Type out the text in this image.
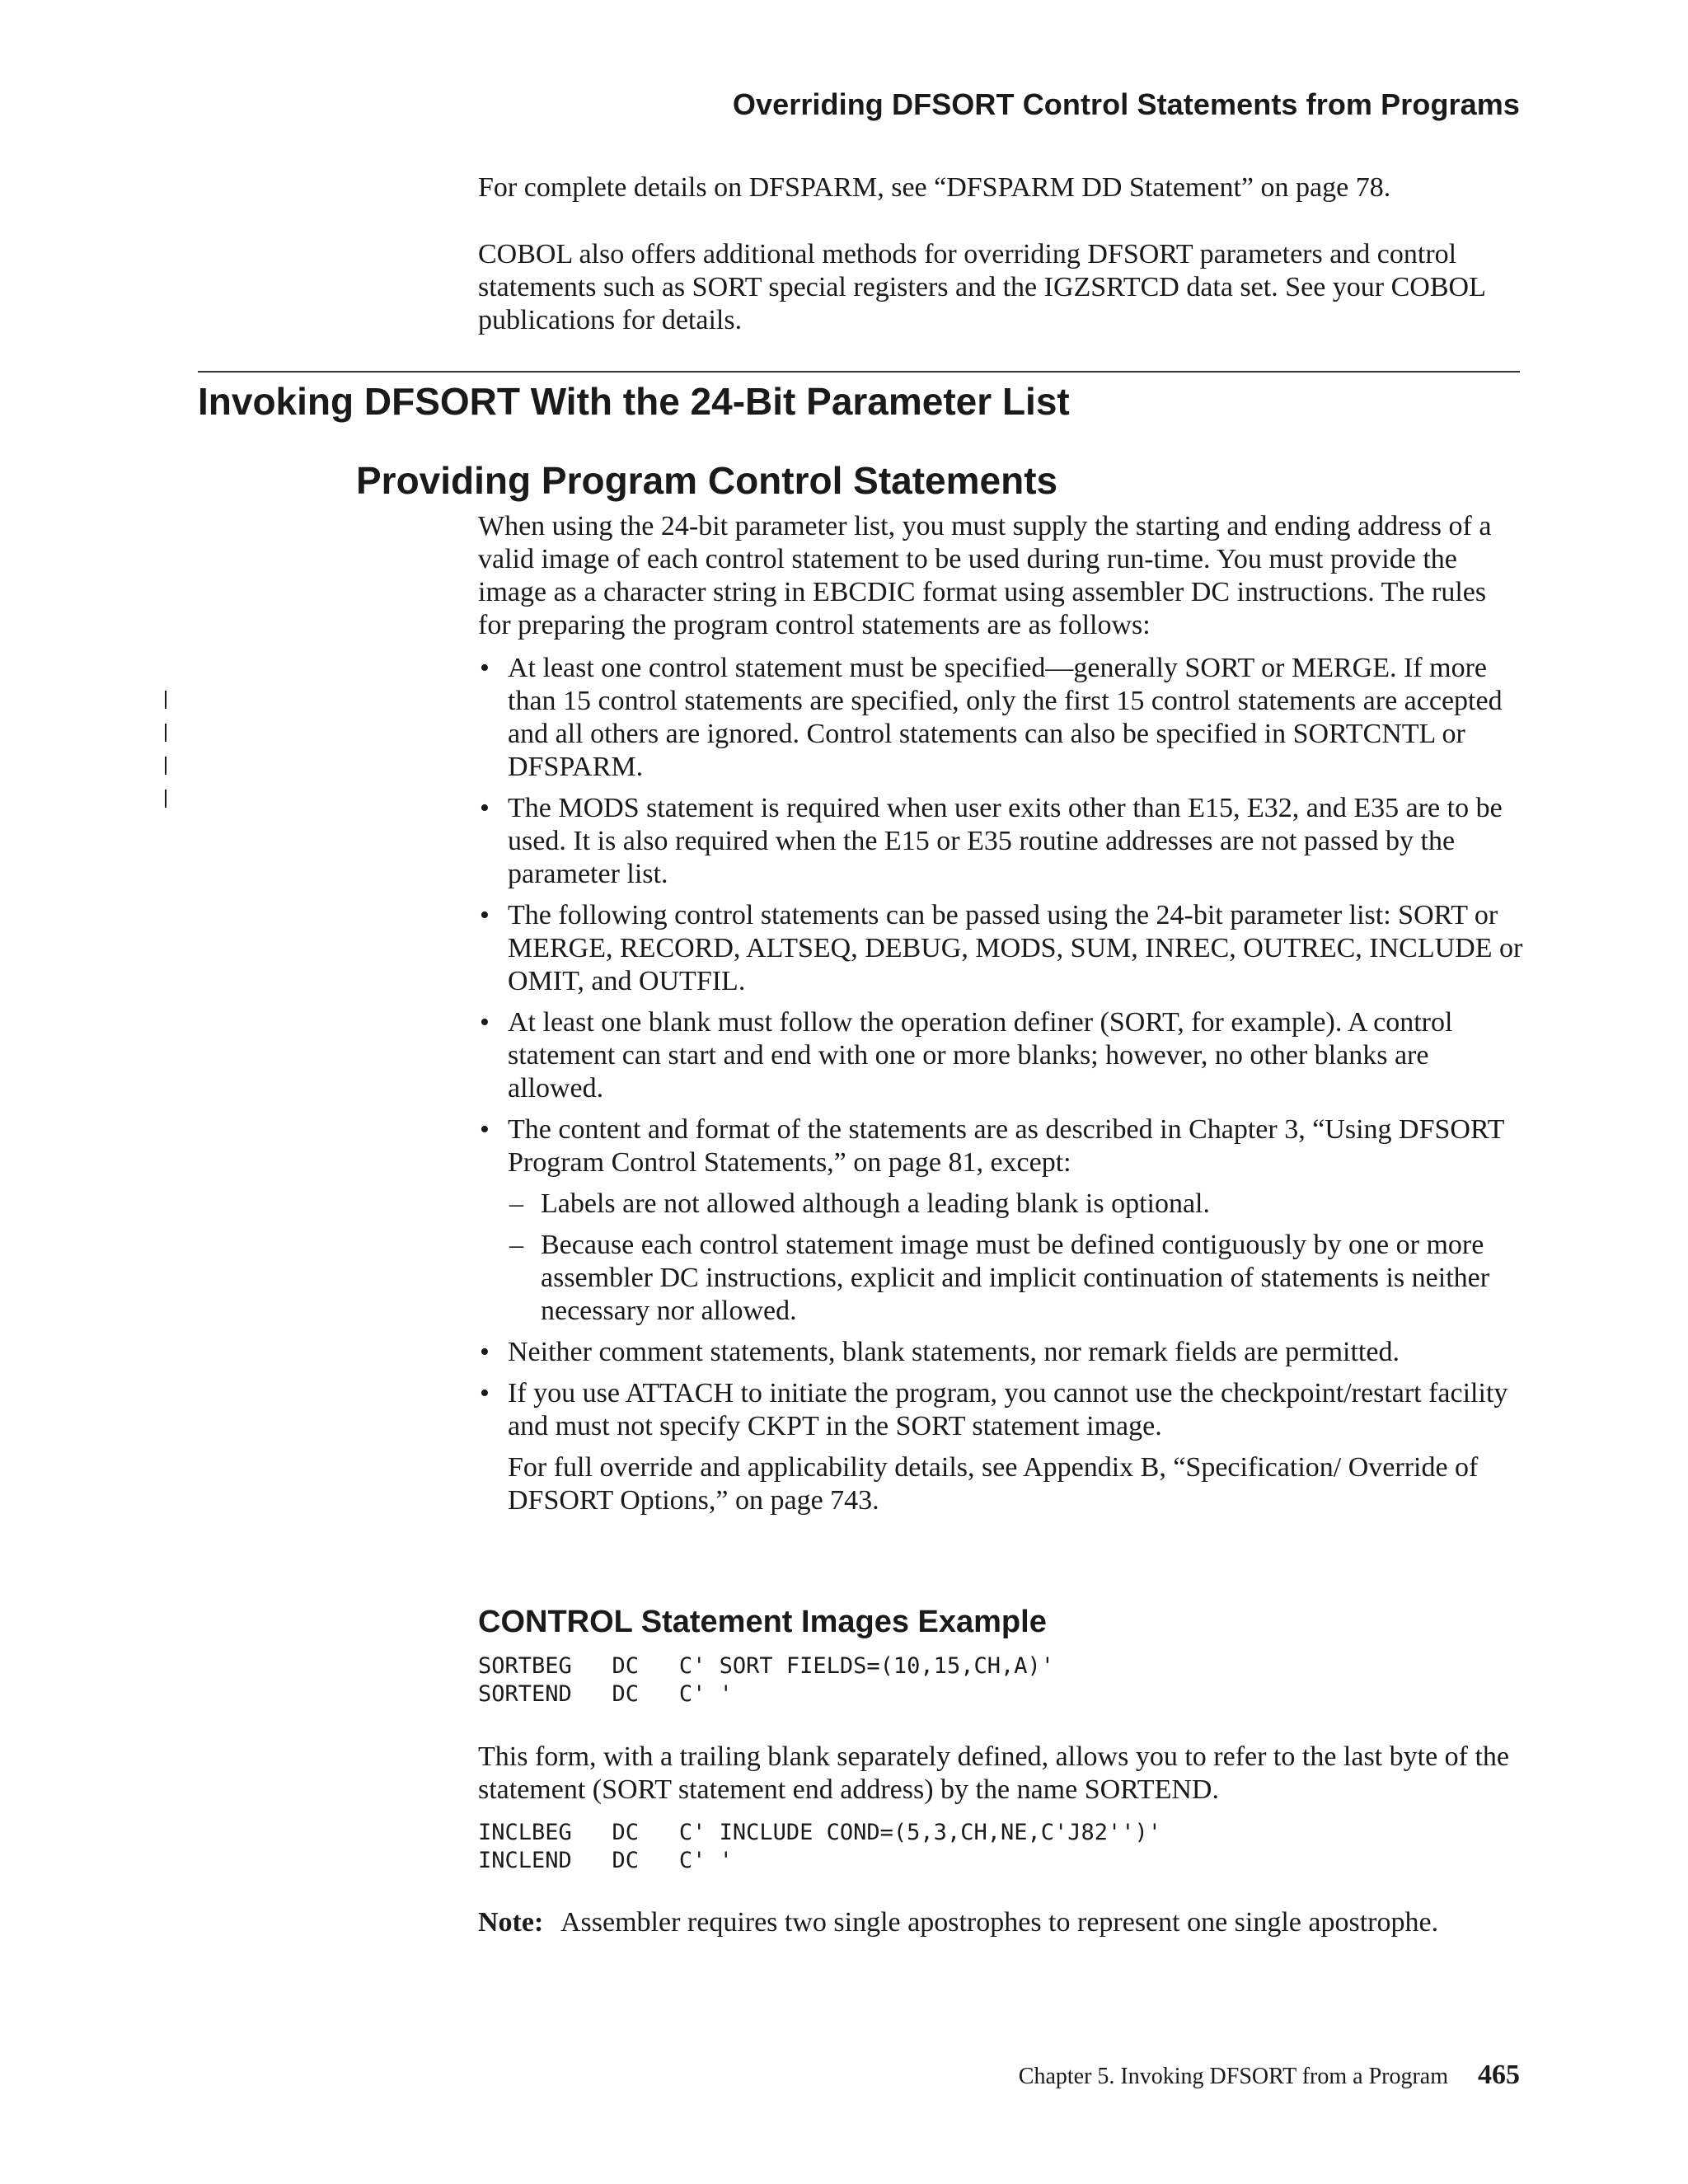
Overriding DFSORT Control Statements from Programs

For complete details on DFSPARM, see “DFSPARM DD Statement” on page 78.

COBOL also offers additional methods for overriding DFSORT parameters and control statements such as SORT special registers and the IGZSRTCD data set. See your COBOL publications for details.

Invoking DFSORT With the 24-Bit Parameter List
Providing Program Control Statements

When using the 24-bit parameter list, you must supply the starting and ending address of a valid image of each control statement to be used during run-time. You must provide the image as a character string in EBCDIC format using assembler DC instructions. The rules for preparing the program control statements are as follows:

• At least one control statement must be specified—generally SORT or MERGE. If more than 15 control statements are specified, only the first 15 control statements are accepted and all others are ignored. Control statements can also be specified in SORTCNTL or DFSPARM.
• The MODS statement is required when user exits other than E15, E32, and E35 are to be used. It is also required when the E15 or E35 routine addresses are not passed by the parameter list.
• The following control statements can be passed using the 24-bit parameter list: SORT or MERGE, RECORD, ALTSEQ, DEBUG, MODS, SUM, INREC, OUTREC, INCLUDE or OMIT, and OUTFIL.
• At least one blank must follow the operation definer (SORT, for example). A control statement can start and end with one or more blanks; however, no other blanks are allowed.
• The content and format of the statements are as described in Chapter 3, “Using DFSORT Program Control Statements,” on page 81, except:
– Labels are not allowed although a leading blank is optional.
– Because each control statement image must be defined contiguously by one or more assembler DC instructions, explicit and implicit continuation of statements is neither necessary nor allowed.
• Neither comment statements, blank statements, nor remark fields are permitted.
• If you use ATTACH to initiate the program, you cannot use the checkpoint/restart facility and must not specify CKPT in the SORT statement image.

For full override and applicability details, see Appendix B, “Specification/ Override of DFSORT Options,” on page 743.

CONTROL Statement Images Example
SORTBEG   DC   C' SORT FIELDS=(10,15,CH,A)'
SORTEND   DC   C' '

This form, with a trailing blank separately defined, allows you to refer to the last byte of the statement (SORT statement end address) by the name SORTEND.

INCLBEG   DC   C' INCLUDE COND=(5,3,CH,NE,C'J82'')'
INCLEND   DC   C' '
Note: Assembler requires two single apostrophes to represent one single apostrophe.
Chapter 5. Invoking DFSORT from a Program 465
